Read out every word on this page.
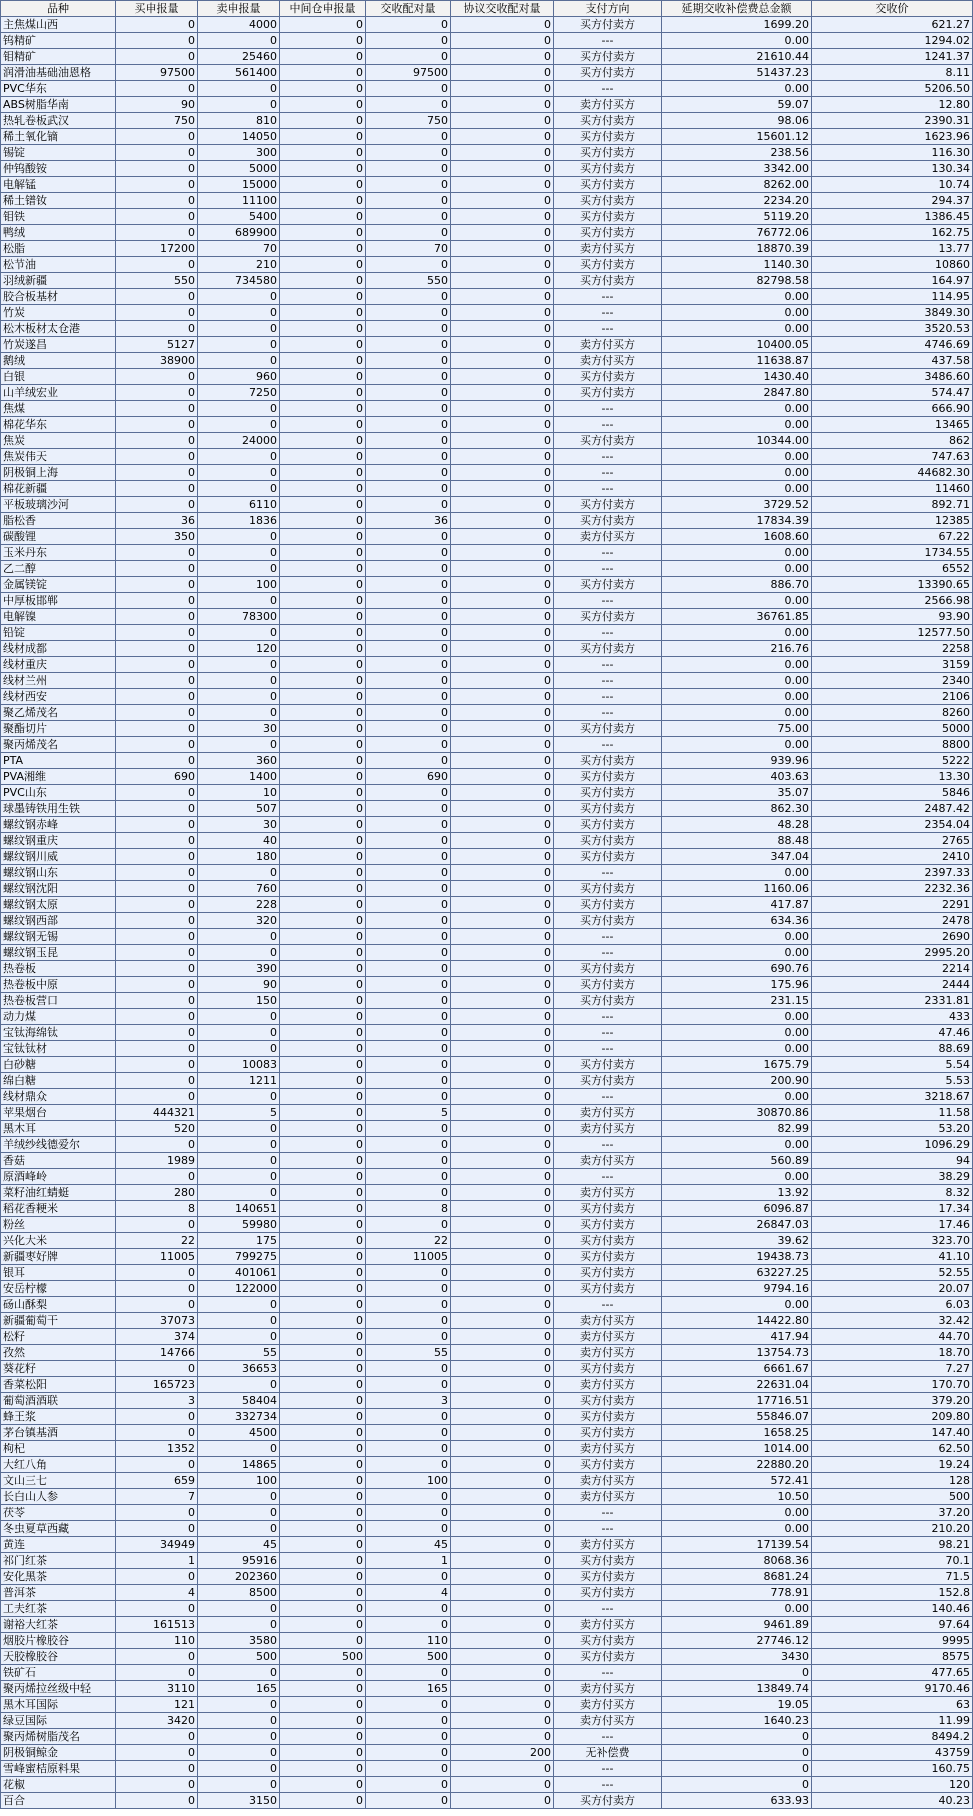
品种	买申报量	卖申报量	中间仓申报量	交收配对量	协议交收配对量	支付方向	延期交收补偿费总金额	交收价
主焦煤山西	0	4000	0	0	0	买方付卖方	1699.20	621.27
钨精矿	0	0	0	0	0	---	0.00	1294.02
钼精矿	0	25460	0	0	0	买方付卖方	21610.44	1241.37
润滑油基础油恩格	97500	561400	0	97500	0	买方付卖方	51437.23	8.11
PVC华东	0	0	0	0	0	---	0.00	5206.50
ABS树脂华南	90	0	0	0	0	卖方付买方	59.07	12.80
热轧卷板武汉	750	810	0	750	0	买方付卖方	98.06	2390.31
稀土氧化镝	0	14050	0	0	0	买方付卖方	15601.12	1623.96
锡锭	0	300	0	0	0	买方付卖方	238.56	116.30
仲钨酸铵	0	5000	0	0	0	买方付卖方	3342.00	130.34
电解锰	0	15000	0	0	0	买方付卖方	8262.00	10.74
稀土镨钕	0	11100	0	0	0	买方付卖方	2234.20	294.37
钼铁	0	5400	0	0	0	买方付卖方	5119.20	1386.45
鸭绒	0	689900	0	0	0	买方付卖方	76772.06	162.75
松脂	17200	70	0	70	0	卖方付买方	18870.39	13.77
松节油	0	210	0	0	0	买方付卖方	1140.30	10860
羽绒新疆	550	734580	0	550	0	买方付卖方	82798.58	164.97
胶合板基材	0	0	0	0	0	---	0.00	114.95
竹炭	0	0	0	0	0	---	0.00	3849.30
松木板材太仓港	0	0	0	0	0	---	0.00	3520.53
竹炭遂昌	5127	0	0	0	0	卖方付买方	10400.05	4746.69
鹅绒	38900	0	0	0	0	卖方付买方	11638.87	437.58
白银	0	960	0	0	0	买方付卖方	1430.40	3486.60
山羊绒宏业	0	7250	0	0	0	买方付卖方	2847.80	574.47
焦煤	0	0	0	0	0	---	0.00	666.90
棉花华东	0	0	0	0	0	---	0.00	13465
焦炭	0	24000	0	0	0	买方付卖方	10344.00	862
焦炭伟天	0	0	0	0	0	---	0.00	747.63
阴极铜上海	0	0	0	0	0	---	0.00	44682.30
棉花新疆	0	0	0	0	0	---	0.00	11460
平板玻璃沙河	0	6110	0	0	0	买方付卖方	3729.52	892.71
脂松香	36	1836	0	36	0	买方付卖方	17834.39	12385
碳酸锂	350	0	0	0	0	卖方付买方	1608.60	67.22
玉米丹东	0	0	0	0	0	---	0.00	1734.55
乙二醇	0	0	0	0	0	---	0.00	6552
金属镁锭	0	100	0	0	0	买方付卖方	886.70	13390.65
中厚板邯郸	0	0	0	0	0	---	0.00	2566.98
电解镍	0	78300	0	0	0	买方付卖方	36761.85	93.90
铅锭	0	0	0	0	0	---	0.00	12577.50
线材成都	0	120	0	0	0	买方付卖方	216.76	2258
线材重庆	0	0	0	0	0	---	0.00	3159
线材兰州	0	0	0	0	0	---	0.00	2340
线材西安	0	0	0	0	0	---	0.00	2106
聚乙烯茂名	0	0	0	0	0	---	0.00	8260
聚酯切片	0	30	0	0	0	买方付卖方	75.00	5000
聚丙烯茂名	0	0	0	0	0	---	0.00	8800
PTA	0	360	0	0	0	买方付卖方	939.96	5222
PVA湘维	690	1400	0	690	0	买方付卖方	403.63	13.30
PVC山东	0	10	0	0	0	买方付卖方	35.07	5846
球墨铸铁用生铁	0	507	0	0	0	买方付卖方	862.30	2487.42
螺纹钢赤峰	0	30	0	0	0	买方付卖方	48.28	2354.04
螺纹钢重庆	0	40	0	0	0	买方付卖方	88.48	2765
螺纹钢川威	0	180	0	0	0	买方付卖方	347.04	2410
螺纹钢山东	0	0	0	0	0	---	0.00	2397.33
螺纹钢沈阳	0	760	0	0	0	买方付卖方	1160.06	2232.36
螺纹钢太原	0	228	0	0	0	买方付卖方	417.87	2291
螺纹钢西部	0	320	0	0	0	买方付卖方	634.36	2478
螺纹钢无锡	0	0	0	0	0	---	0.00	2690
螺纹钢玉昆	0	0	0	0	0	---	0.00	2995.20
热卷板	0	390	0	0	0	买方付卖方	690.76	2214
热卷板中原	0	90	0	0	0	买方付卖方	175.96	2444
热卷板营口	0	150	0	0	0	买方付卖方	231.15	2331.81
动力煤	0	0	0	0	0	---	0.00	433
宝钛海绵钛	0	0	0	0	0	---	0.00	47.46
宝钛钛材	0	0	0	0	0	---	0.00	88.69
白砂糖	0	10083	0	0	0	买方付卖方	1675.79	5.54
绵白糖	0	1211	0	0	0	买方付卖方	200.90	5.53
线材鼎众	0	0	0	0	0	---	0.00	3218.67
苹果烟台	444321	5	0	5	0	卖方付买方	30870.86	11.58
黑木耳	520	0	0	0	0	卖方付买方	82.99	53.20
羊绒纱线德爱尔	0	0	0	0	0	---	0.00	1096.29
香菇	1989	0	0	0	0	卖方付买方	560.89	94
原酒峰岭	0	0	0	0	0	---	0.00	38.29
菜籽油红蜻蜓	280	0	0	0	0	卖方付买方	13.92	8.32
稻花香粳米	8	140651	0	8	0	买方付卖方	6096.87	17.34
粉丝	0	59980	0	0	0	买方付卖方	26847.03	17.46
兴化大米	22	175	0	22	0	买方付卖方	39.62	323.70
新疆枣好牌	11005	799275	0	11005	0	买方付卖方	19438.73	41.10
银耳	0	401061	0	0	0	买方付卖方	63227.25	52.55
安岳柠檬	0	122000	0	0	0	买方付卖方	9794.16	20.07
砀山酥梨	0	0	0	0	0	---	0.00	6.03
新疆葡萄干	37073	0	0	0	0	卖方付买方	14422.80	32.42
松籽	374	0	0	0	0	卖方付买方	417.94	44.70
孜然	14766	55	0	55	0	卖方付买方	13754.73	18.70
葵花籽	0	36653	0	0	0	买方付卖方	6661.67	7.27
香菜松阳	165723	0	0	0	0	卖方付买方	22631.04	170.70
葡萄酒酒联	3	58404	0	3	0	买方付卖方	17716.51	379.20
蜂王浆	0	332734	0	0	0	买方付卖方	55846.07	209.80
茅台镇基酒	0	4500	0	0	0	买方付卖方	1658.25	147.40
枸杞	1352	0	0	0	0	卖方付买方	1014.00	62.50
大红八角	0	14865	0	0	0	买方付卖方	22880.20	19.24
文山三七	659	100	0	100	0	卖方付买方	572.41	128
长白山人参	7	0	0	0	0	卖方付买方	10.50	500
茯苓	0	0	0	0	0	---	0.00	37.20
冬虫夏草西藏	0	0	0	0	0	---	0.00	210.20
黄连	34949	45	0	45	0	卖方付买方	17139.54	98.21
祁门红茶	1	95916	0	1	0	买方付卖方	8068.36	70.1
安化黑茶	0	202360	0	0	0	买方付卖方	8681.24	71.5
普洱茶	4	8500	0	4	0	买方付卖方	778.91	152.8
工夫红茶	0	0	0	0	0	---	0.00	140.46
谢裕大红茶	161513	0	0	0	0	卖方付买方	9461.89	97.64
烟胶片橡胶谷	110	3580	0	110	0	买方付卖方	27746.12	9995
天胶橡胶谷	0	500	500	500	0	买方付卖方	3430	8575
铁矿石	0	0	0	0	0	---	0	477.65
聚丙烯拉丝级中轻	3110	165	0	165	0	卖方付买方	13849.74	9170.46
黑木耳国际	121	0	0	0	0	卖方付买方	19.05	63
绿豆国际	3420	0	0	0	0	卖方付买方	1640.23	11.99
聚丙烯树脂茂名	0	0	0	0	0	---	0	8494.2
阴极铜鲸金	0	0	0	0	200	无补偿费	0	43759
雪峰蜜桔原料果	0	0	0	0	0	---	0	160.75
花椒	0	0	0	0	0	---	0	120
百合	0	3150	0	0	0	买方付卖方	633.93	40.23
